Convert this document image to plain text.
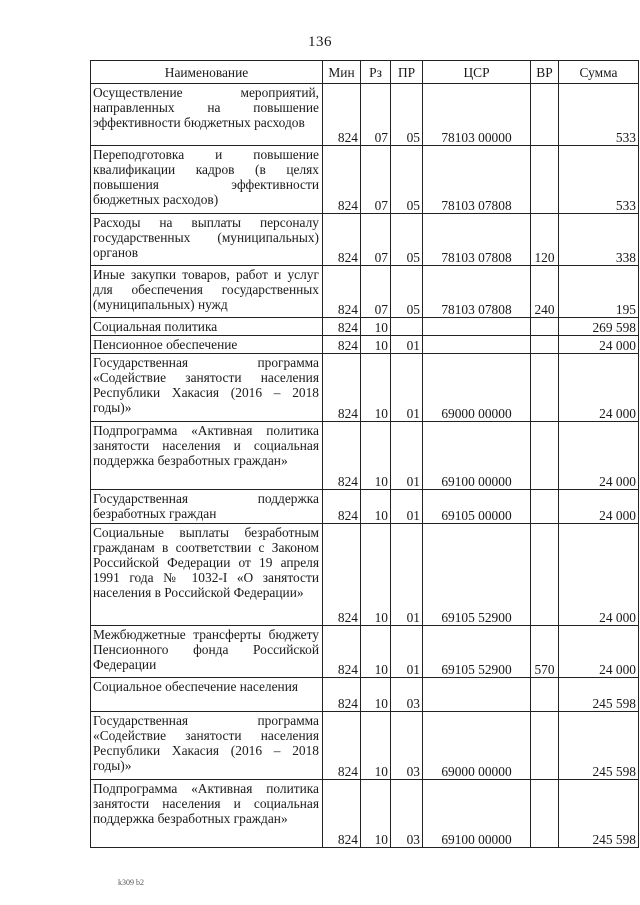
136
Наименование	Мин	Рз	ПР	ЦСР	ВР	Сумма
Осуществление мероприятий, направленных на повышение эффективности бюджетных расходов	824	07	05	78103 00000		533
Переподготовка и повышение квалификации кадров (в целях повышения эффективности бюджетных расходов)	824	07	05	78103 07808		533
Расходы на выплаты персоналу государственных (муниципальных) органов	824	07	05	78103 07808	120	338
Иные закупки товаров, работ и услуг для обеспечения государственных (муниципальных) нужд	824	07	05	78103 07808	240	195
Социальная политика	824	10				269 598
Пенсионное обеспечение	824	10	01			24 000
Государственная программа «Содействие занятости населения Республики Хакасия (2016 – 2018 годы)»	824	10	01	69000 00000		24 000
Подпрограмма «Активная политика занятости населения и социальная поддержка безработных граждан»	824	10	01	69100 00000		24 000
Государственная поддержка безработных граждан	824	10	01	69105 00000		24 000
Социальные выплаты безработным гражданам в соответствии с Законом Российской Федерации от 19 апреля 1991 года № 1032-I «О занятости населения в Российской Федерации»	824	10	01	69105 52900		24 000
Межбюджетные трансферты бюджету Пенсионного фонда Российской Федерации	824	10	01	69105 52900	570	24 000
Социальное обеспечение населения	824	10	03			245 598
Государственная программа «Содействие занятости населения Республики Хакасия (2016 – 2018 годы)»	824	10	03	69000 00000		245 598
Подпрограмма «Активная политика занятости населения и социальная поддержка безработных граждан»	824	10	03	69100 00000		245 598
k309 b2
